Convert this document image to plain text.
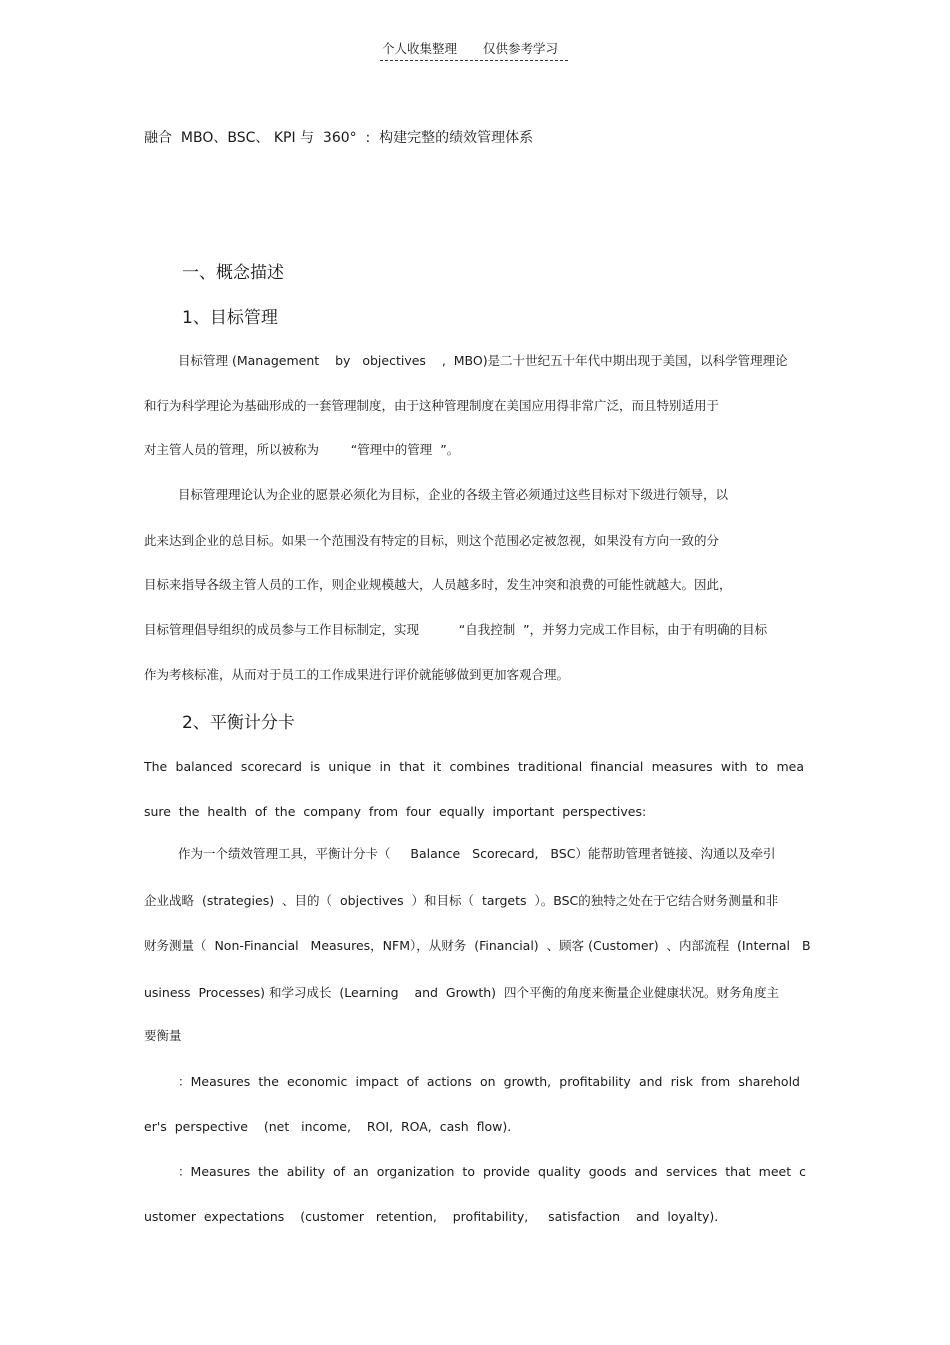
个人收集整理 仅供参考学习
融合  MBO、BSC、 KPI 与  360°  :  构建完整的绩效管理体系
一、概念描述
1、目标管理
目标管理 (Management    by   objectives    ,  MBO)是二十世纪五十年代中期出现于美国，以科学管理理论
和行为科学理论为基础形成的一套管理制度，由于这种管理制度在美国应用得非常广泛，而且特别适用于
对主管人员的管理，所以被称为        “管理中的管理  ”。
目标管理理论认为企业的愿景必须化为目标，企业的各级主管必须通过这些目标对下级进行领导，以
此来达到企业的总目标。如果一个范围没有特定的目标，则这个范围必定被忽视，如果没有方向一致的分
目标来指导各级主管人员的工作，则企业规模越大，人员越多时，发生冲突和浪费的可能性就越大。因此，
目标管理倡导组织的成员参与工作目标制定，实现          “自我控制  ”，并努力完成工作目标，由于有明确的目标
作为考核标准，从而对于员工的工作成果进行评价就能够做到更加客观合理。
2、平衡计分卡
The  balanced  scorecard  is  unique  in  that  it  combines  traditional  financial  measures  with  to  mea
sure  the  health  of  the  company  from  four  equally  important  perspectives:
作为一个绩效管理工具，平衡计分卡（     Balance   Scorecard,   BSC）能帮助管理者链接、沟通以及牵引
企业战略  (strategies)  、目的（  objectives  ）和目标（  targets  ）。BSC的独特之处在于它结合财务测量和非
财务测量（  Non-Financial   Measures，NFM），从财务  (Financial)  、顾客 (Customer)  、内部流程  (Internal   B
usiness  Processes) 和学习成长  (Learning    and  Growth)  四个平衡的角度来衡量企业健康状况。财务角度主
要衡量
：Measures  the  economic  impact  of  actions  on  growth,  profitability  and  risk  from  sharehold
er's  perspective    (net   income,    ROI,  ROA,  cash  flow).
：Measures  the  ability  of  an  organization  to  provide  quality  goods  and  services  that  meet  c
ustomer  expectations    (customer   retention,    profitability,     satisfaction    and  loyalty).
